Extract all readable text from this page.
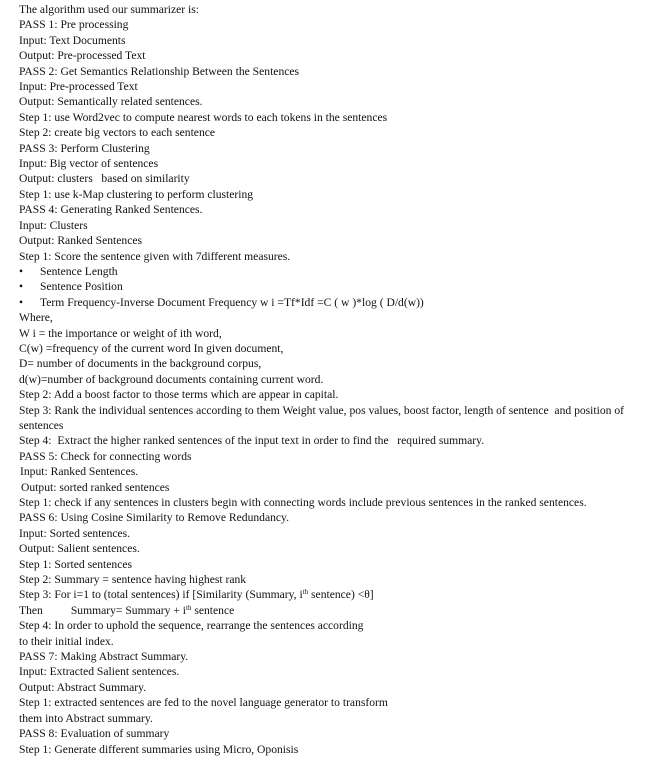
The algorithm used our summarizer is:

PASS 1: Pre processing

Input: Text Documents

Output: Pre-processed Text

PASS 2: Get Semantics Relationship Between the Sentences

Input: Pre-processed Text

Output: Semantically related sentences.

Step 1: use Word2vec to compute nearest words to each tokens in the sentences

Step 2: create big vectors to each sentence

PASS 3: Perform Clustering

Input: Big vector of sentences

Output: clusters   based on similarity

Step 1: use k-Map clustering to perform clustering

PASS 4: Generating Ranked Sentences.

Input: Clusters

Output: Ranked Sentences

Step 1: Score the sentence given with 7different measures.

• Sentence Length

• Sentence Position

• Term Frequency-Inverse Document Frequency w i =Tf*Idf =C ( w )*log ( D/d(w))

Where,

W i = the importance or weight of ith word,

C(w) =frequency of the current word In given document,

D= number of documents in the background corpus,

d(w)=number of background documents containing current word.

Step 2: Add a boost factor to those terms which are appear in capital.

Step 3: Rank the individual sentences according to them Weight value, pos values, boost factor, length of sentence  and position of sentences

Step 4:  Extract the higher ranked sentences of the input text in order to find the   required summary.

PASS 5: Check for connecting words

Input: Ranked Sentences.

Output: sorted ranked sentences

Step 1: check if any sentences in clusters begin with connecting words include previous sentences in the ranked sentences.

PASS 6: Using Cosine Similarity to Remove Redundancy.

Input: Sorted sentences.

Output: Salient sentences.

Step 1: Sorted sentences

Step 2: Summary = sentence having highest rank

Step 3: For i=1 to (total sentences) if [Similarity (Summary, $i^{th}$ sentence) <θ]

Then Summary= Summary + $i^{th}$ sentence

Step 4: In order to uphold the sequence, rearrange the sentences according

to their initial index.

PASS 7: Making Abstract Summary.

Input: Extracted Salient sentences.

Output: Abstract Summary.

Step 1: extracted sentences are fed to the novel language generator to transform

them into Abstract summary.

PASS 8: Evaluation of summary

Step 1: Generate different summaries using Micro, Oponisis
